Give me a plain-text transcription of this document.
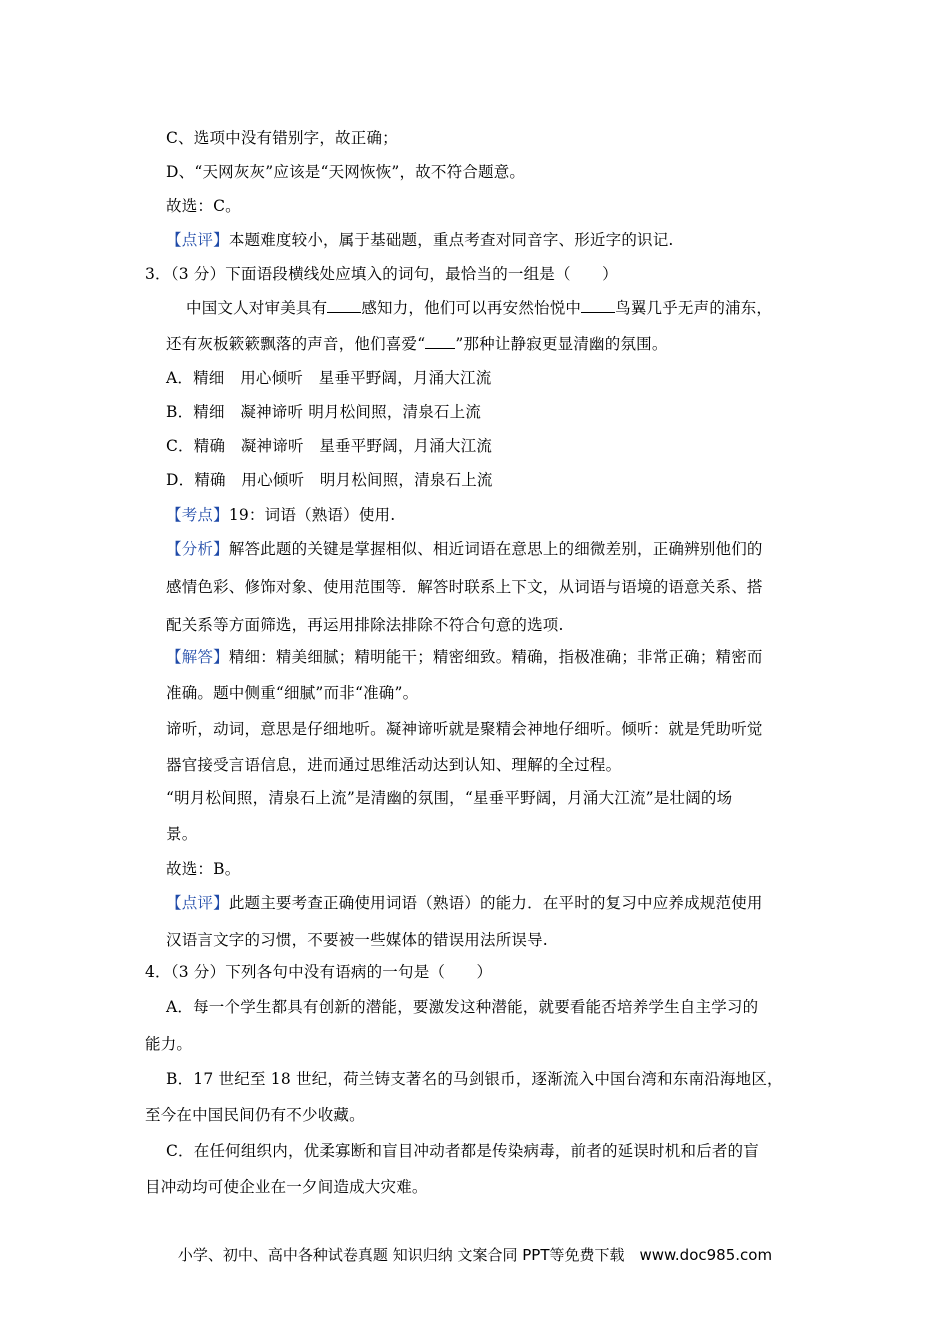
C、选项中没有错别字，故正确；
D、“天网灰灰”应该是“天网恢恢”，故不符合题意。
故选：C。
【点评】本题难度较小，属于基础题，重点考查对同音字、形近字的识记.
3．（3 分）下面语段横线处应填入的词句，最恰当的一组是（　　）
中国文人对审美具有 感知力，他们可以再安然怡悦中 鸟翼几乎无声的浦东，
还有灰板簌簌飘落的声音，他们喜爱“ ”那种让静寂更显清幽的氛围。
A．精细　用心倾听　星垂平野阔，月涌大江流
B．精细　凝神谛听 明月松间照，清泉石上流
C．精确　凝神谛听　星垂平野阔，月涌大江流
D．精确　用心倾听　明月松间照，清泉石上流
【考点】19：词语（熟语）使用.
【分析】解答此题的关键是掌握相似、相近词语在意思上的细微差别，正确辨别他们的
感情色彩、修饰对象、使用范围等．解答时联系上下文，从词语与语境的语意关系、搭
配关系等方面筛选，再运用排除法排除不符合句意的选项.
【解答】精细：精美细腻；精明能干；精密细致。精确，指极准确；非常正确；精密而
准确。题中侧重“细腻”而非“准确”。
谛听，动词，意思是仔细地听。凝神谛听就是聚精会神地仔细听。倾听：就是凭助听觉
器官接受言语信息，进而通过思维活动达到认知、理解的全过程。
“明月松间照，清泉石上流”是清幽的氛围，“星垂平野阔，月涌大江流”是壮阔的场
景。
故选：B。
【点评】此题主要考查正确使用词语（熟语）的能力．在平时的复习中应养成规范使用
汉语言文字的习惯，不要被一些媒体的错误用法所误导.
4．（3 分）下列各句中没有语病的一句是（　　）
A．每一个学生都具有创新的潜能，要激发这种潜能，就要看能否培养学生自主学习的
能力。
B．17 世纪至 18 世纪，荷兰铸支著名的马剑银币，逐渐流入中国台湾和东南沿海地区，
至今在中国民间仍有不少收藏。
C．在任何组织内，优柔寡断和盲目冲动者都是传染病毒，前者的延误时机和后者的盲
目冲动均可使企业在一夕间造成大灾难。
小学、初中、高中各种试卷真题 知识归纳 文案合同 PPT等免费下载　www.doc985.com
